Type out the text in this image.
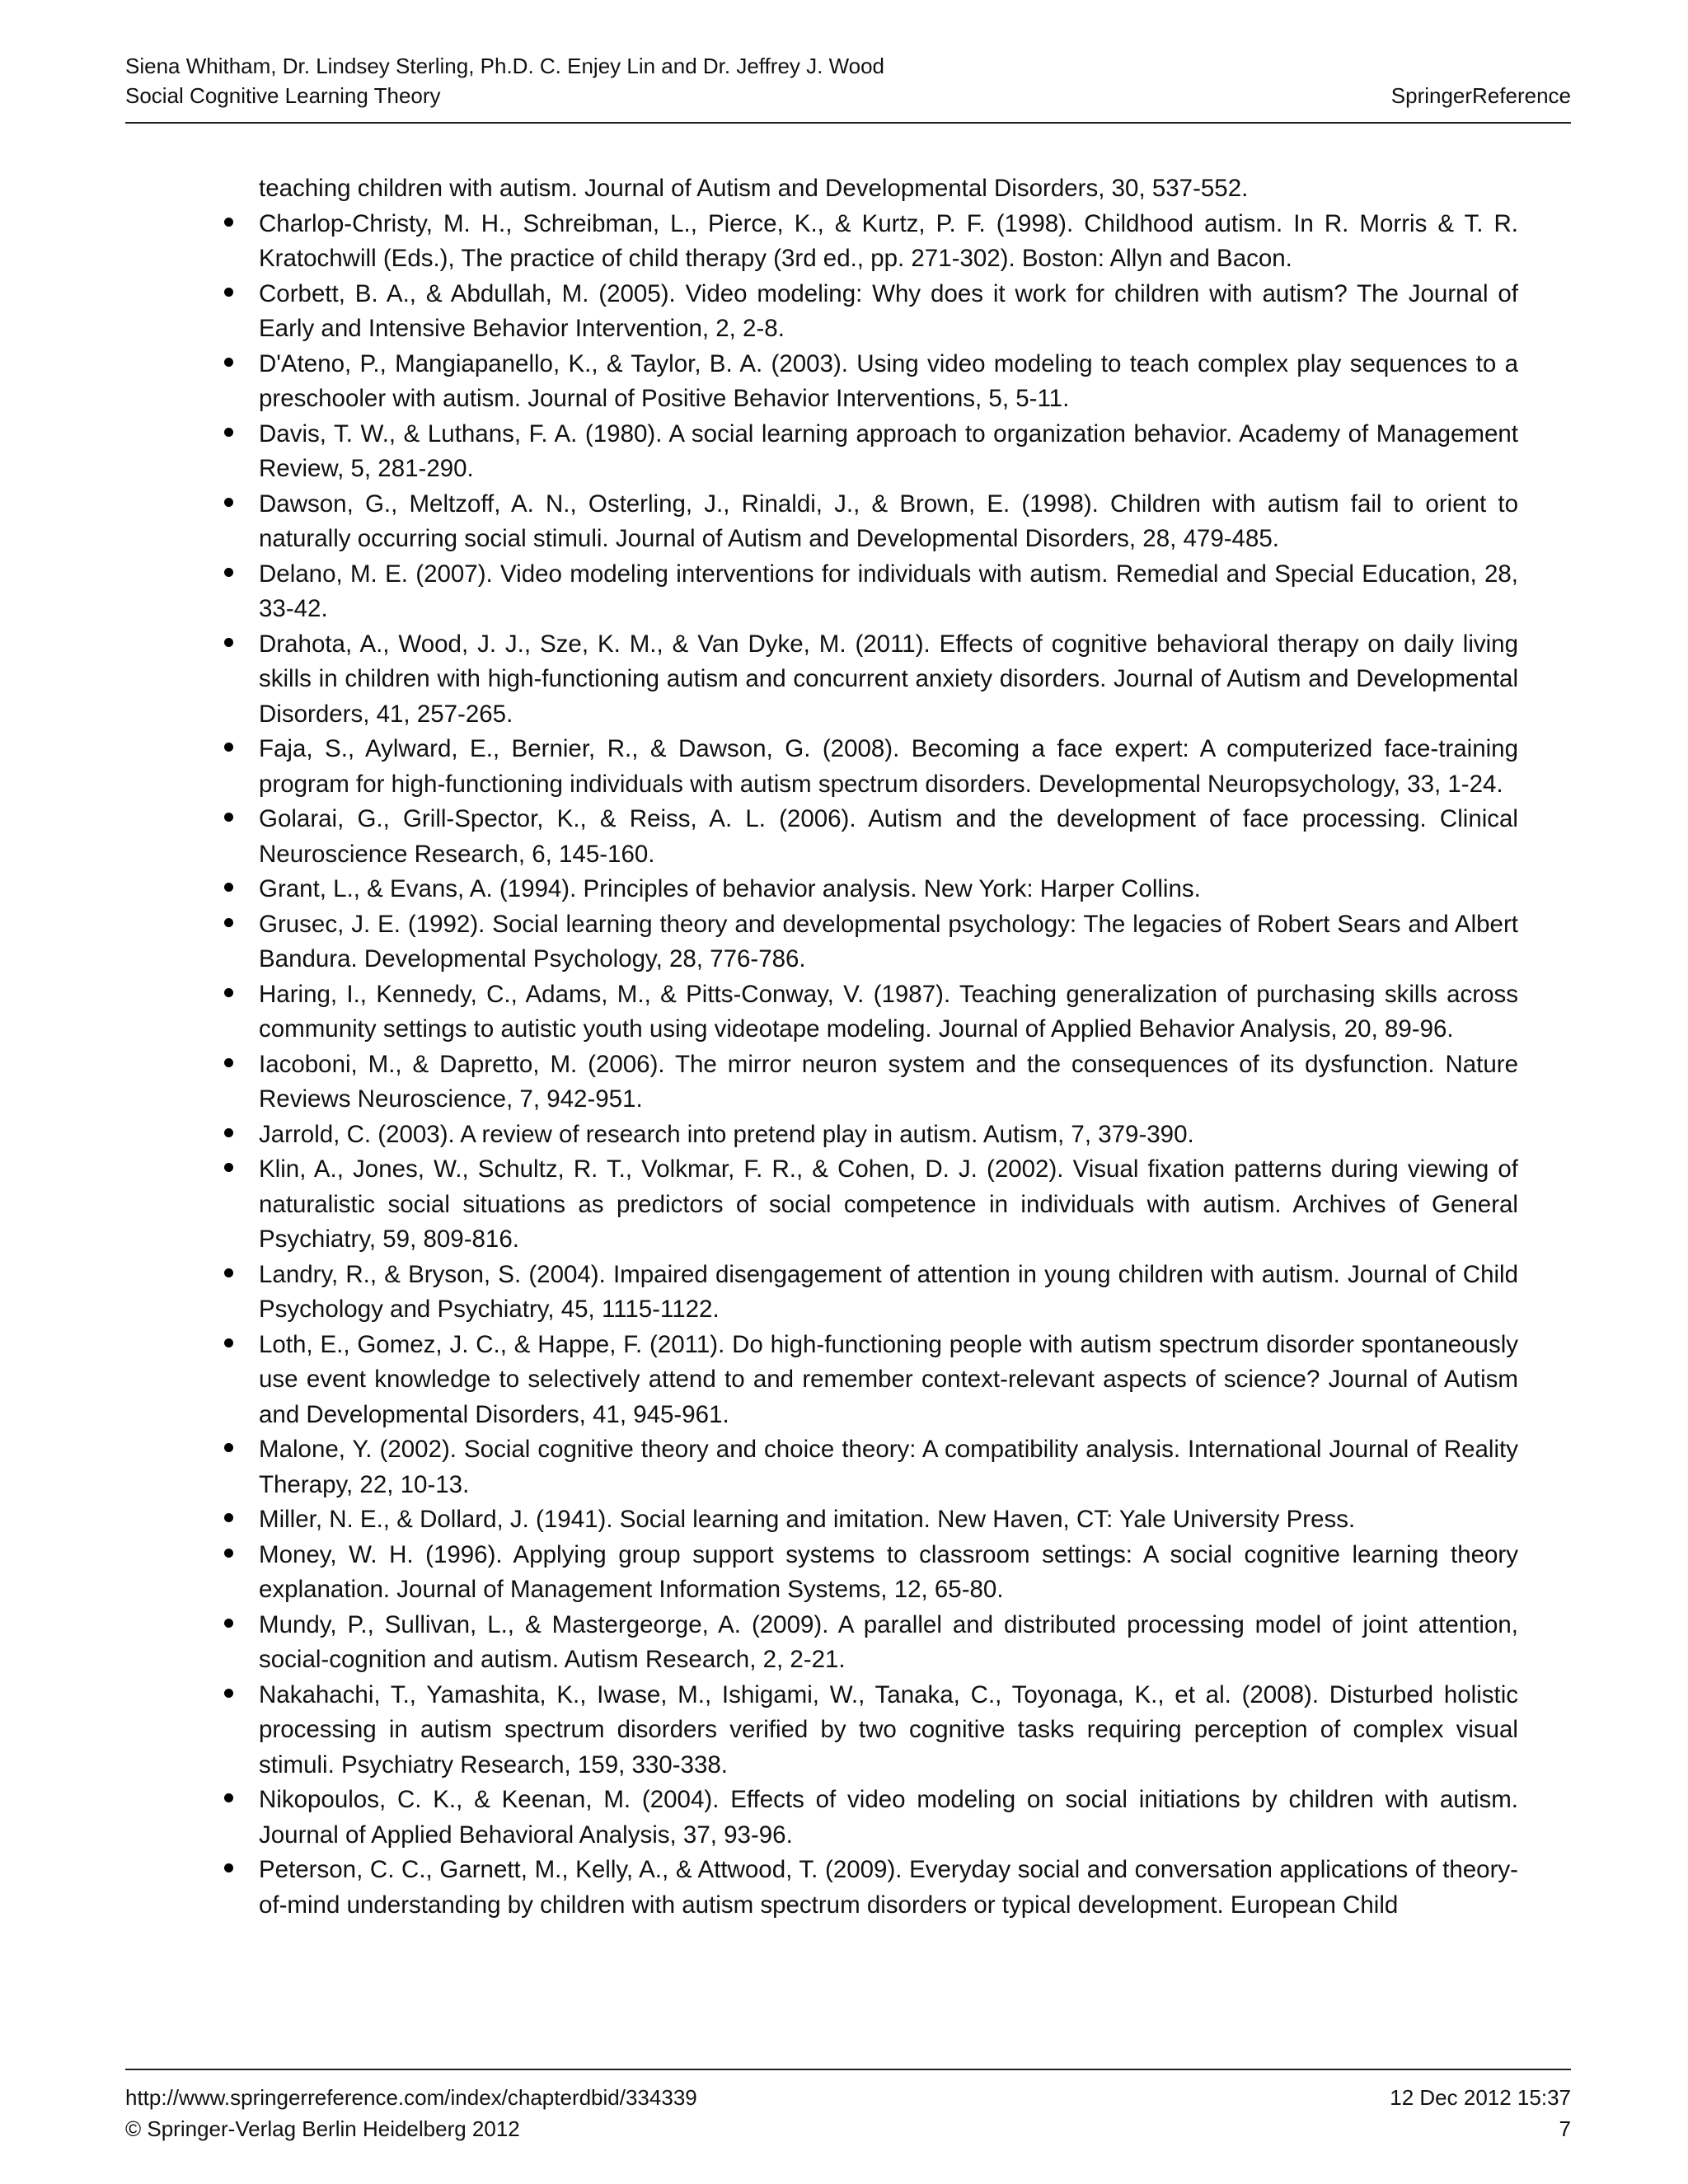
Siena Whitham, Dr. Lindsey Sterling, Ph.D. C. Enjey Lin and Dr. Jeffrey J. Wood
Social Cognitive Learning Theory	SpringerReference
teaching children with autism. Journal of Autism and Developmental Disorders, 30, 537-552.
Charlop-Christy, M. H., Schreibman, L., Pierce, K., & Kurtz, P. F. (1998). Childhood autism. In R. Morris & T. R. Kratochwill (Eds.), The practice of child therapy (3rd ed., pp. 271-302). Boston: Allyn and Bacon.
Corbett, B. A., & Abdullah, M. (2005). Video modeling: Why does it work for children with autism? The Journal of Early and Intensive Behavior Intervention, 2, 2-8.
D'Ateno, P., Mangiapanello, K., & Taylor, B. A. (2003). Using video modeling to teach complex play sequences to a preschooler with autism. Journal of Positive Behavior Interventions, 5, 5-11.
Davis, T. W., & Luthans, F. A. (1980). A social learning approach to organization behavior. Academy of Management Review, 5, 281-290.
Dawson, G., Meltzoff, A. N., Osterling, J., Rinaldi, J., & Brown, E. (1998). Children with autism fail to orient to naturally occurring social stimuli. Journal of Autism and Developmental Disorders, 28, 479-485.
Delano, M. E. (2007). Video modeling interventions for individuals with autism. Remedial and Special Education, 28, 33-42.
Drahota, A., Wood, J. J., Sze, K. M., & Van Dyke, M. (2011). Effects of cognitive behavioral therapy on daily living skills in children with high-functioning autism and concurrent anxiety disorders. Journal of Autism and Developmental Disorders, 41, 257-265.
Faja, S., Aylward, E., Bernier, R., & Dawson, G. (2008). Becoming a face expert: A computerized face-training program for high-functioning individuals with autism spectrum disorders. Developmental Neuropsychology, 33, 1-24.
Golarai, G., Grill-Spector, K., & Reiss, A. L. (2006). Autism and the development of face processing. Clinical Neuroscience Research, 6, 145-160.
Grant, L., & Evans, A. (1994). Principles of behavior analysis. New York: Harper Collins.
Grusec, J. E. (1992). Social learning theory and developmental psychology: The legacies of Robert Sears and Albert Bandura. Developmental Psychology, 28, 776-786.
Haring, I., Kennedy, C., Adams, M., & Pitts-Conway, V. (1987). Teaching generalization of purchasing skills across community settings to autistic youth using videotape modeling. Journal of Applied Behavior Analysis, 20, 89-96.
Iacoboni, M., & Dapretto, M. (2006). The mirror neuron system and the consequences of its dysfunction. Nature Reviews Neuroscience, 7, 942-951.
Jarrold, C. (2003). A review of research into pretend play in autism. Autism, 7, 379-390.
Klin, A., Jones, W., Schultz, R. T., Volkmar, F. R., & Cohen, D. J. (2002). Visual fixation patterns during viewing of naturalistic social situations as predictors of social competence in individuals with autism. Archives of General Psychiatry, 59, 809-816.
Landry, R., & Bryson, S. (2004). Impaired disengagement of attention in young children with autism. Journal of Child Psychology and Psychiatry, 45, 1115-1122.
Loth, E., Gomez, J. C., & Happe, F. (2011). Do high-functioning people with autism spectrum disorder spontaneously use event knowledge to selectively attend to and remember context-relevant aspects of science? Journal of Autism and Developmental Disorders, 41, 945-961.
Malone, Y. (2002). Social cognitive theory and choice theory: A compatibility analysis. International Journal of Reality Therapy, 22, 10-13.
Miller, N. E., & Dollard, J. (1941). Social learning and imitation. New Haven, CT: Yale University Press.
Money, W. H. (1996). Applying group support systems to classroom settings: A social cognitive learning theory explanation. Journal of Management Information Systems, 12, 65-80.
Mundy, P., Sullivan, L., & Mastergeorge, A. (2009). A parallel and distributed processing model of joint attention, social-cognition and autism. Autism Research, 2, 2-21.
Nakahachi, T., Yamashita, K., Iwase, M., Ishigami, W., Tanaka, C., Toyonaga, K., et al. (2008). Disturbed holistic processing in autism spectrum disorders verified by two cognitive tasks requiring perception of complex visual stimuli. Psychiatry Research, 159, 330-338.
Nikopoulos, C. K., & Keenan, M. (2004). Effects of video modeling on social initiations by children with autism. Journal of Applied Behavioral Analysis, 37, 93-96.
Peterson, C. C., Garnett, M., Kelly, A., & Attwood, T. (2009). Everyday social and conversation applications of theory-of-mind understanding by children with autism spectrum disorders or typical development. European Child
http://www.springerreference.com/index/chapterdbid/334339	12 Dec 2012 15:37
© Springer-Verlag Berlin Heidelberg 2012	7
